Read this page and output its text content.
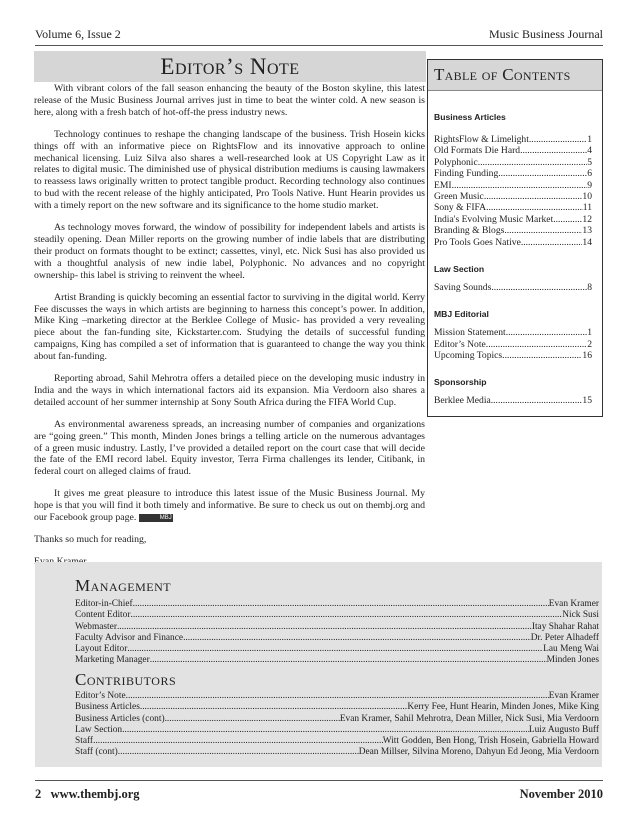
Volume 6, Issue 2	Music Business Journal
Editor’s Note

With vibrant colors of the fall season enhancing the beauty of the Boston skyline, this latest release of the Music Business Journal arrives just in time to beat the winter cold. A new season is here, along with a fresh batch of hot-off-the press industry news.

Technology continues to reshape the changing landscape of the business. Trish Hosein kicks things off with an informative piece on RightsFlow and its innovative approach to online mechanical licensing. Luiz Silva also shares a well-researched look at US Copyright Law as it relates to digital music. The diminished use of physical distribution mediums is causing lawmakers to reassess laws originally written to protect tangible product. Recording technology also continues to bud with the recent release of the highly anticipated, Pro Tools Native. Hunt Hearin provides us with a timely report on the new software and its significance to the home studio market.

As technology moves forward, the window of possibility for independent labels and artists is steadily opening. Dean Miller reports on the growing number of indie labels that are distributing their product on formats thought to be extinct; cassettes, vinyl, etc. Nick Susi has also provided us with a thoughtful analysis of new indie label, Polyphonic. No advances and no copyright ownership- this label is striving to reinvent the wheel.

Artist Branding is quickly becoming an essential factor to surviving in the digital world. Kerry Fee discusses the ways in which artists are beginning to harness this concept’s power. In addition, Mike King –marketing director at the Berklee College of Music- has provided a very revealing piece about the fan-funding site, Kickstarter.com. Studying the details of successful funding campaigns, King has compiled a set of information that is guaranteed to change the way you think about fan-funding.

Reporting abroad, Sahil Mehrotra offers a detailed piece on the developing music industry in India and the ways in which international factors aid its expansion. Mia Verdoorn also shares a detailed account of her summer internship at Sony South Africa during the FIFA World Cup.

As environmental awareness spreads, an increasing number of companies and organizations are “going green.” This month, Minden Jones brings a telling article on the numerous advantages of a green music industry. Lastly, I’ve provided a detailed report on the court case that will decide the fate of the EMI record label. Equity investor, Terra Firma challenges its lender, Citibank, in federal court on alleged claims of fraud.

It gives me great pleasure to introduce this latest issue of the Music Business Journal. My hope is that you will find it both timely and informative. Be sure to check us out on thembj.org and our Facebook group page.	MBJ

Thanks so much for reading,

Table of Contents
Business Articles
RightsFlow & Limelight .....	1
Old Formats Die Hard .....	4
Polyphonic .....	5
Finding Funding .....	6
EMI .....	9
Green Music .....	10
Sony & FIFA .....	11
India's Evolving Music Market .....	12
Branding & Blogs .....	13
Pro Tools Goes Native .....	14
Law Section
Saving Sounds .....	8
MBJ Editorial
Mission Statement .....	1
Editor’s Note .....	2
Upcoming Topics .....	16
Sponsorship
Berklee Media .....	15
Management
Editor-in-Chief .....	Evan Kramer
Content Editor .....	Nick Susi
Webmaster .....	Itay Shahar Rahat
Faculty Advisor and Finance .....	Dr. Peter Alhadeff
Layout Editor .....	Lau Meng Wai
Marketing Manager .....	Minden Jones
Contributors
Editor’s Note .....	Evan Kramer
Business Articles .....	Kerry Fee, Hunt Hearin, Minden Jones, Mike King
Business Articles (cont) .....	Evan Kramer, Sahil Mehrotra, Dean Miller, Nick Susi, Mia Verdoorn
Law Section .....	Luiz Augusto Buff
Staff .....	Witt Godden, Ben Hong, Trish Hosein, Gabriella Howard
Staff (cont) .....	Dean Millser, Silvina Moreno, Dahyun Ed Jeong, Mia Verdoorn
2 www.thembj.org	November 2010
